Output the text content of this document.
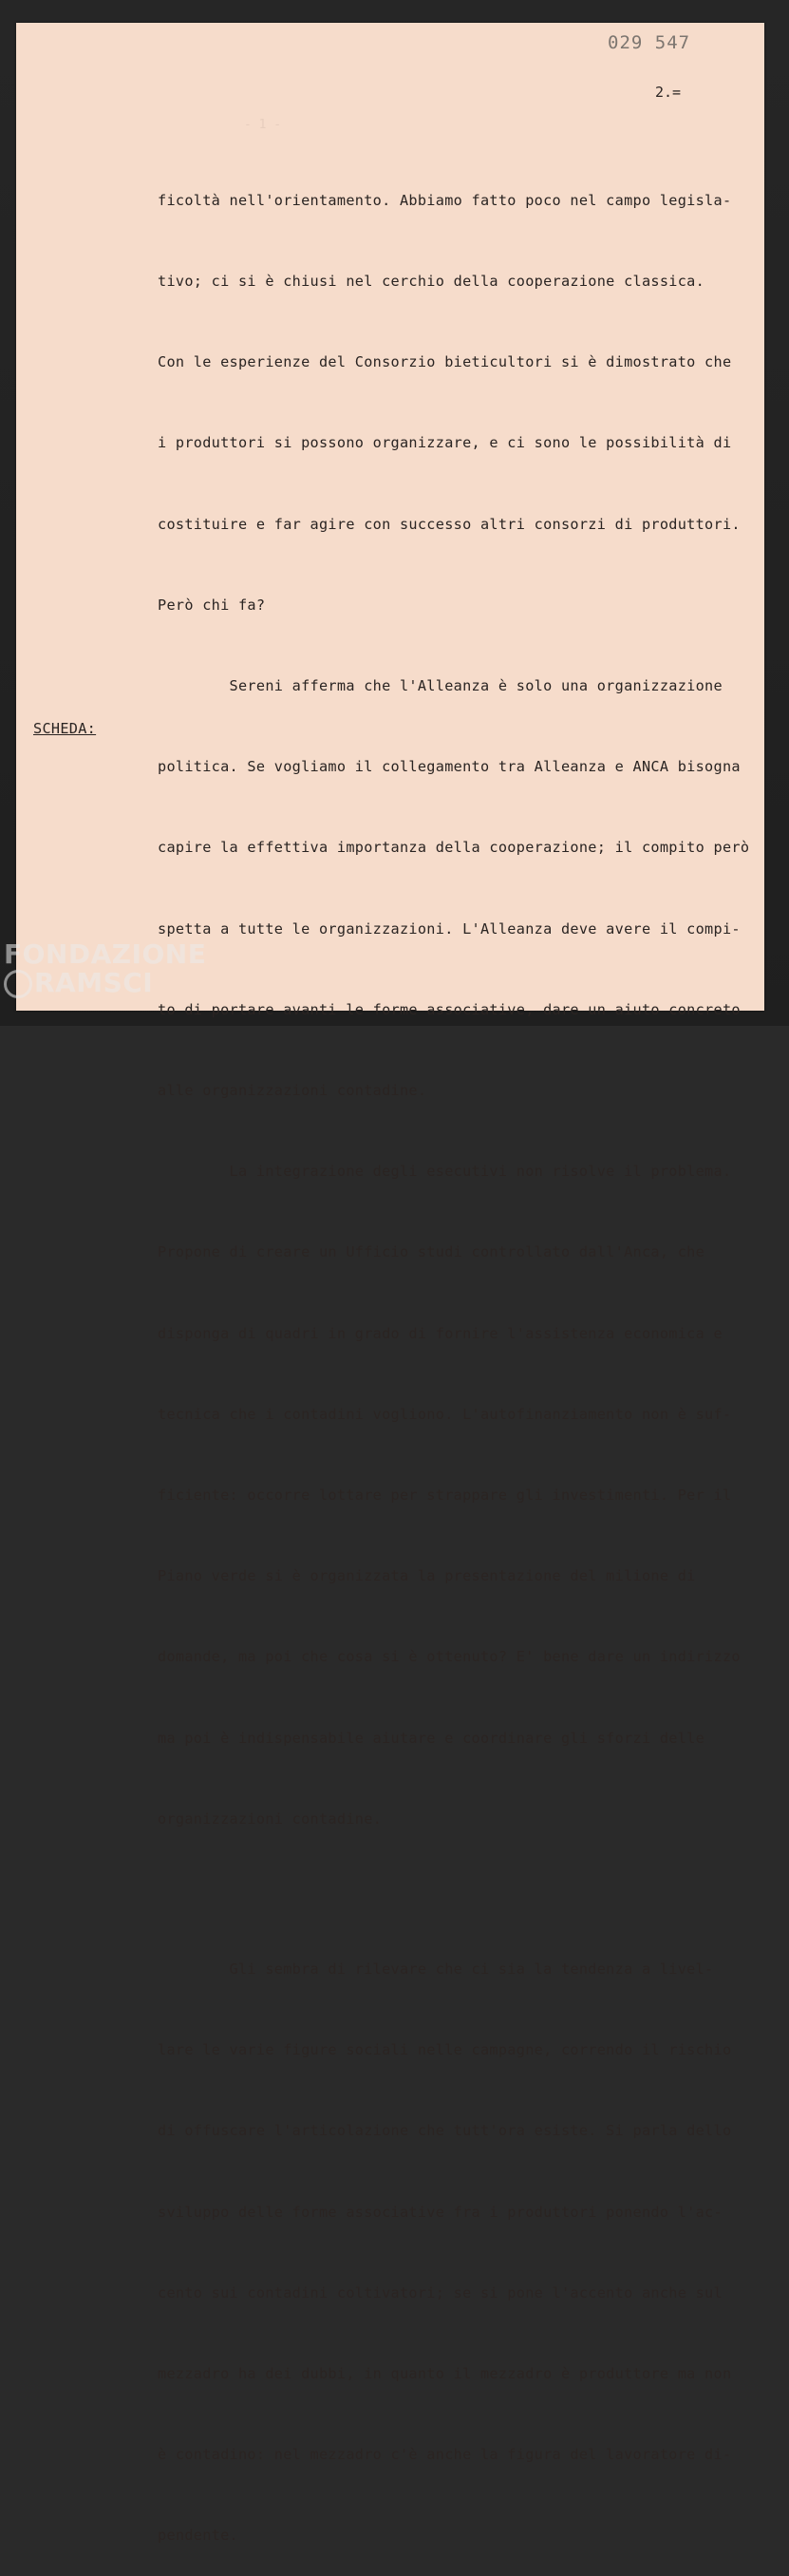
- 1 -
029 547
2.=

ficoltà nell'orientamento. Abbiamo fatto poco nel campo legisla-

tivo; ci si è chiusi nel cerchio della cooperazione classica.

Con le esperienze del Consorzio bieticultori si è dimostrato che

i produttori si possono organizzare, e ci sono le possibilità di

costituire e far agire con successo altri consorzi di produttori.

Però chi fa?

Sereni afferma che l'Alleanza è solo una organizzazione

politica. Se vogliamo il collegamento tra Alleanza e ANCA bisogna

capire la effettiva importanza della cooperazione; il compito però

spetta a tutte le organizzazioni. L'Alleanza deve avere il compi-

to di portare avanti le forme associative, dare un aiuto concreto

alle organizzazioni contadine.

La integrazione degli esecutivi non risolve il problema.

Propone di creare un Ufficio studi controllato dall'Anca, che

disponga di quadri in grado di fornire l'assistenza economica e

tecnica che i contadini vogliono. L'autofinanziamento non è suf-

ficiente: occorre lottare per strappare gli investimenti. Per il

Piano verde si è organizzata la presentazione del milione di

domande, ma poi che cosa si è ottenuto? E' bene dare un indirizzo

ma poi è indispensabile aiutare e coordinare gli sforzi delle

organizzazioni contadine.

Gli sembra di rilevare che ci sia la tendenza a livel-

lare le varie figure sociali nelle campagne, correndo il rischio

di offuscare l'articolazione che tutt'ora esiste. Si parla dello

sviluppo delle forme associative fra i produttori ponendo l'ac-

cento sui contadini coltivatori; se si pone l'accento anche sul

mezzadro ha dei dubbi, in quanto il mezzadro è produttore ma non

è contadino: nel mezzadro c'è anche la figura del lavoratore di-

pendente.

SCHEDA:
FONDAZIONE
RAMSCI
